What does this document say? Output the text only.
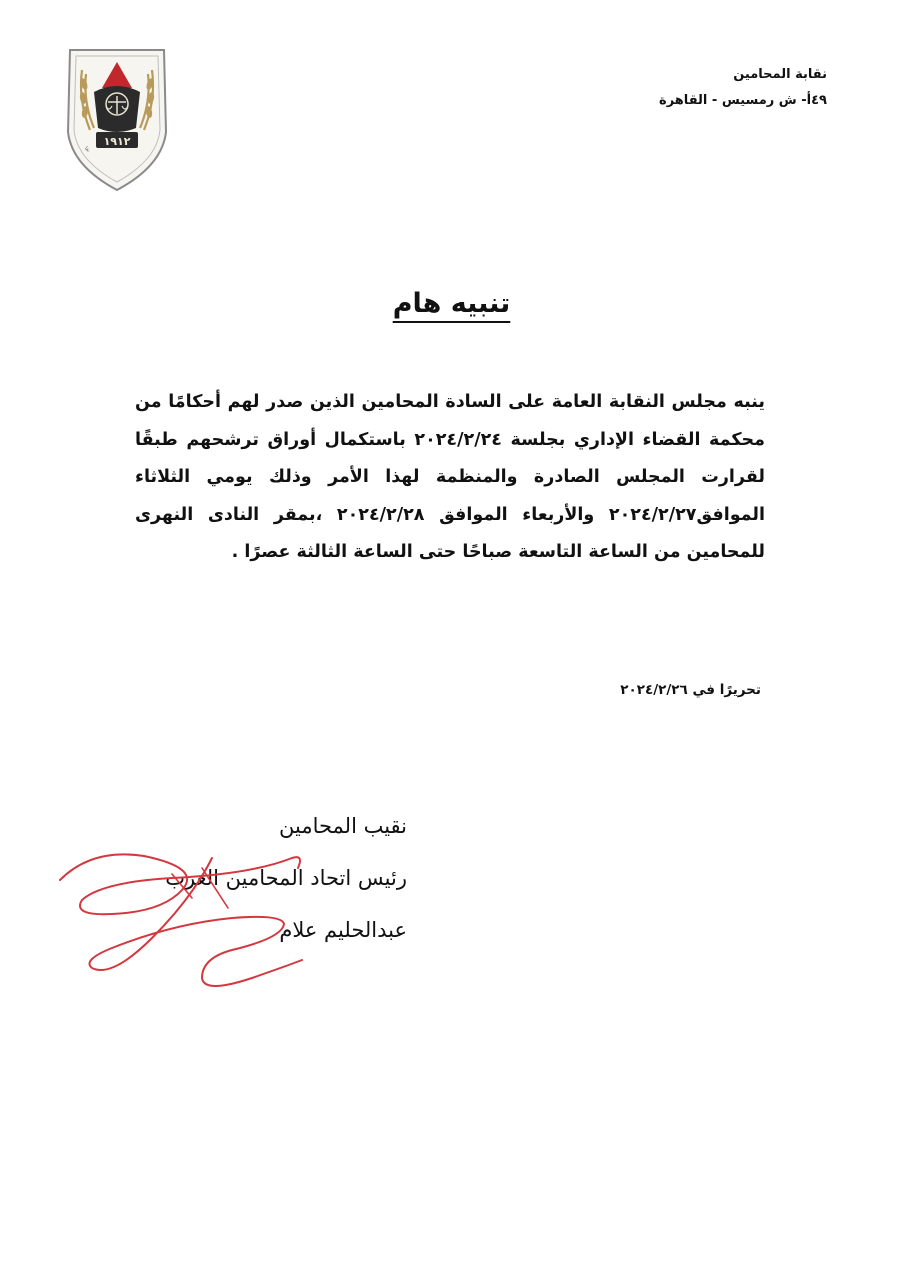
١٩١٢
نقا
نقابة المحامين
٤٩أ- ش رمسيس - القاهرة
تنبيه هام

ينبه مجلس النقابة العامة على السادة المحامين الذين صدر لهم أحكامًا من محكمة القضاء الإداري بجلسة ٢٠٢٤/٢/٢٤ باستكمال أوراق ترشحهم طبقًا لقرارت المجلس الصادرة والمنظمة لهذا الأمر وذلك يومي الثلاثاء الموافق٢٠٢٤/٢/٢٧ والأربعاء الموافق ٢٠٢٤/٢/٢٨ ،بمقر النادى النهرى للمحامين من الساعة التاسعة صباحًا حتى الساعة الثالثة عصرًا .

تحريرًا في ٢٠٢٤/٢/٢٦
نقيب المحامين
رئيس اتحاد المحامين العرب
عبدالحليم علام
